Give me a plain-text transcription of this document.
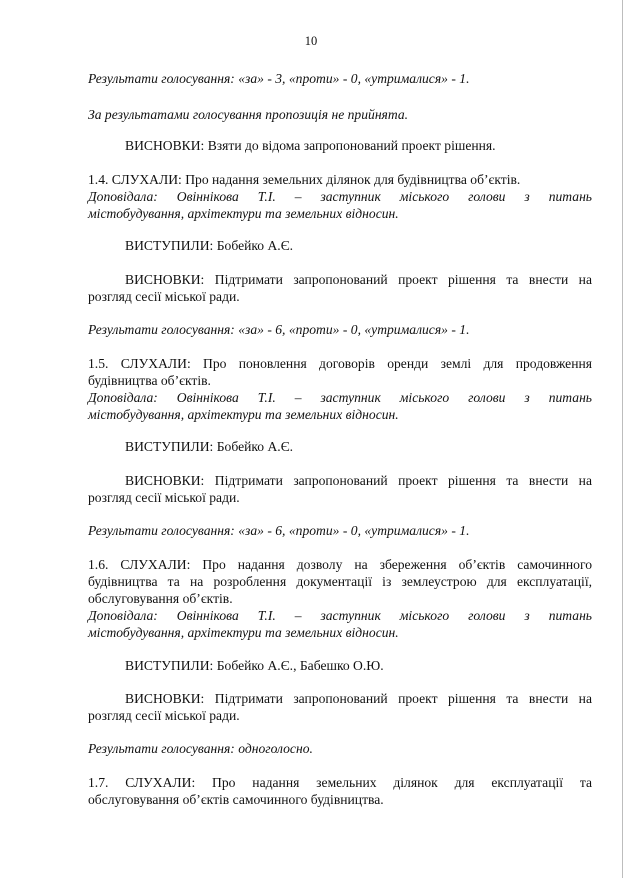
10

Результати голосування: «за» - 3, «проти» - 0, «утрималися» - 1.

За результатами голосування пропозиція не прийнята.

ВИСНОВКИ: Взяти до відома запропонований проект рішення.

1.4. СЛУХАЛИ: Про надання земельних ділянок для будівництва об’єктів.

Доповідала: Овіннікова Т.І. – заступник міського голови з питань
містобудування, архітектури та земельних відносин.

ВИСТУПИЛИ: Бобейко А.Є.

ВИСНОВКИ: Підтримати запропонований проект рішення та внести на
розгляд сесії міської ради.

Результати голосування: «за» - 6, «проти» - 0, «утрималися» - 1.

1.5. СЛУХАЛИ: Про поновлення договорів оренди землі для продовження
будівництва об’єктів.

Доповідала: Овіннікова Т.І. – заступник міського голови з питань
містобудування, архітектури та земельних відносин.

ВИСТУПИЛИ: Бобейко А.Є.

ВИСНОВКИ: Підтримати запропонований проект рішення та внести на
розгляд сесії міської ради.

Результати голосування: «за» - 6, «проти» - 0, «утрималися» - 1.

1.6. СЛУХАЛИ: Про надання дозволу на збереження об’єктів самочинного
будівництва та на розроблення документації із землеустрою для експлуатації,
обслуговування об’єктів.

Доповідала: Овіннікова Т.І. – заступник міського голови з питань
містобудування, архітектури та земельних відносин.

ВИСТУПИЛИ: Бобейко А.Є., Бабешко О.Ю.

ВИСНОВКИ: Підтримати запропонований проект рішення та внести на
розгляд сесії міської ради.

Результати голосування: одноголосно.

1.7. СЛУХАЛИ: Про надання земельних ділянок для експлуатації та
обслуговування об’єктів самочинного будівництва.
